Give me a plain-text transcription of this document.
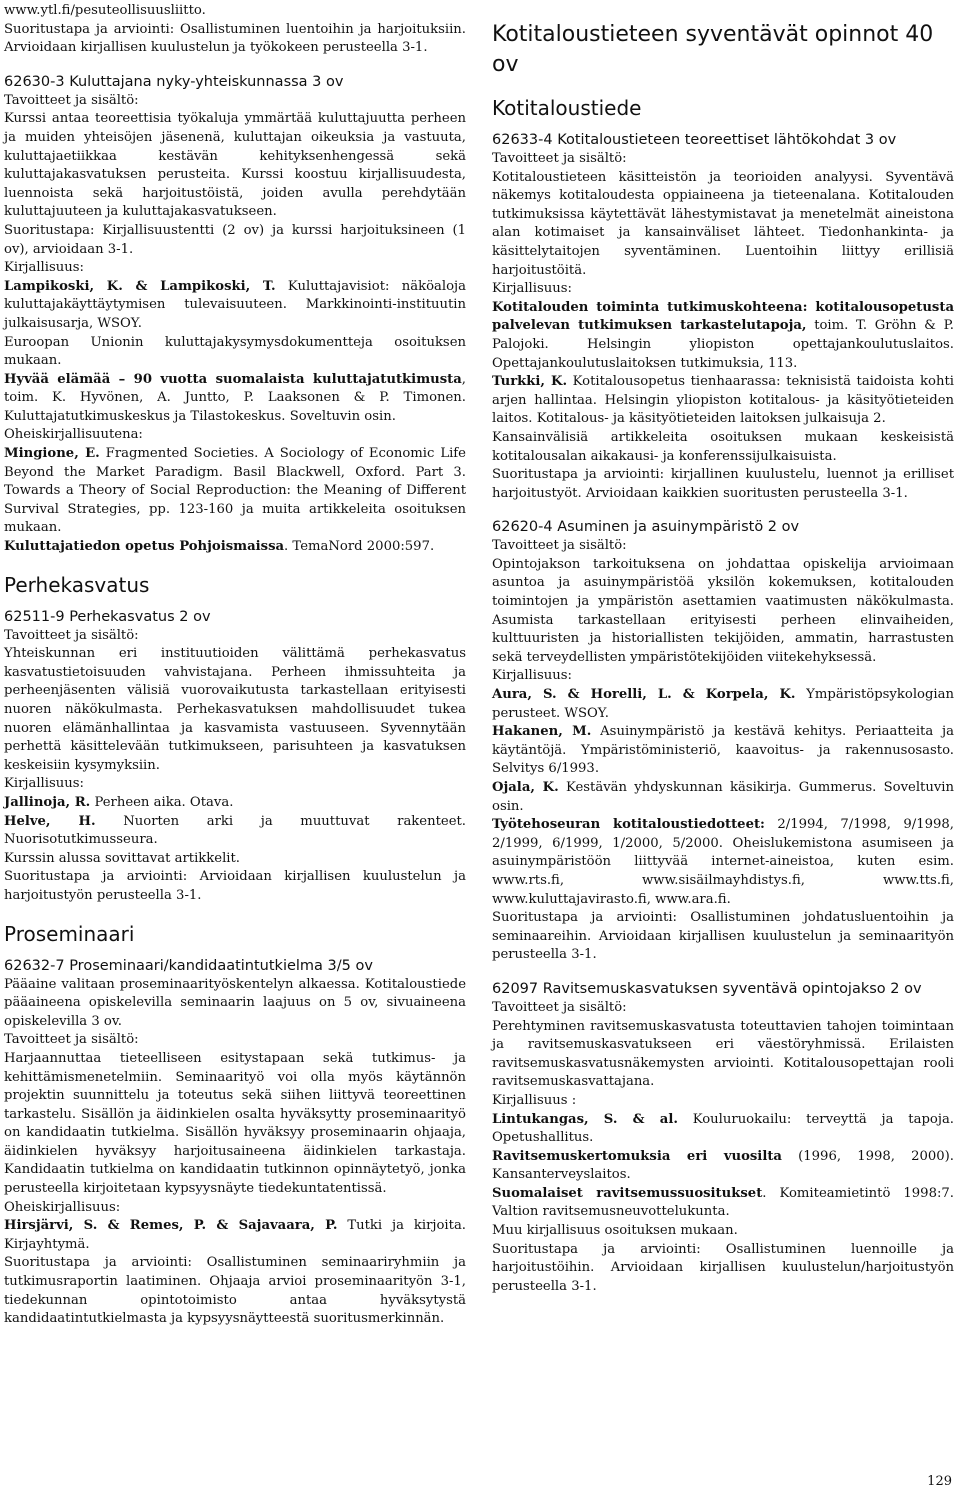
www.ytl.fi/pesuteollisuusliitto.
Suoritustapa ja arviointi: Osallistuminen luentoihin ja harjoituksiin. Arvioidaan kirjallisen kuulustelun ja työkokeen perusteella 3-1.
62630-3 Kuluttajana nyky-yhteiskunnassa 3 ov
Tavoitteet ja sisältö:
Kurssi antaa teoreettisia työkaluja ymmärtää kuluttajuutta perheen ja muiden yhteisöjen jäsenenä, kuluttajan oikeuksia ja vastuuta, kuluttajaetiikkaa kestävän kehityksenhengessä sekä kuluttajakasvatuksen perusteita. Kurssi koostuu kirjallisuudesta, luennoista sekä harjoitustöistä, joiden avulla perehdytään kuluttajuuteen ja kuluttajakasvatukseen.
Suoritustapa: Kirjallisuustentti (2 ov) ja kurssi harjoituksineen (1 ov), arvioidaan 3-1.
Kirjallisuus:
Lampikoski, K. & Lampikoski, T. Kuluttajavisiot: näköaloja kuluttajakäyttäytymisen tulevaisuuteen. Markkinointi-instituutin julkaisusarja, WSOY.
Euroopan Unionin kuluttajakysymysdokumentteja osoituksen mukaan.
Hyvää elämää – 90 vuotta suomalaista kuluttajatutkimusta, toim. K. Hyvönen, A. Juntto, P. Laaksonen & P. Timonen. Kuluttajatutkimuskeskus ja Tilastokeskus. Soveltuvin osin.
Oheiskirjallisuutena:
Mingione, E. Fragmented Societies. A Sociology of Economic Life Beyond the Market Paradigm. Basil Blackwell, Oxford. Part 3. Towards a Theory of Social Reproduction: the Meaning of Different Survival Strategies, pp. 123-160 ja muita artikkeleita osoituksen mukaan.
Kuluttajatiedon opetus Pohjoismaissa. TemaNord 2000:597.
Perhekasvatus
62511-9 Perhekasvatus 2 ov
Tavoitteet ja sisältö:
Yhteiskunnan eri instituutioiden välittämä perhekasvatus kasvatustietoisuuden vahvistajana. Perheen ihmissuhteita ja perheenjäsenten välisiä vuorovaikutusta tarkastellaan erityisesti nuoren näkökulmasta. Perhekasvatuksen mahdollisuudet tukea nuoren elämänhallintaa ja kasvamista vastuuseen. Syvennytään perhettä käsittelevään tutkimukseen, parisuhteen ja kasvatuksen keskeisiin kysymyksiin.
Kirjallisuus:
Jallinoja, R. Perheen aika. Otava.
Helve, H. Nuorten arki ja muuttuvat rakenteet. Nuorisotutkimusseura.
Kurssin alussa sovittavat artikkelit.
Suoritustapa ja arviointi: Arvioidaan kirjallisen kuulustelun ja harjoitustyön perusteella 3-1.
Proseminaari
62632-7 Proseminaari/kandidaatintutkielma 3/5 ov
Pääaine valitaan proseminaarityöskentelyn alkaessa. Kotitaloustiede pääaineena opiskelevilla seminaarin laajuus on 5 ov, sivuaineena opiskelevilla 3 ov.
Tavoitteet ja sisältö:
Harjaannuttaa tieteelliseen esitystapaan sekä tutkimus- ja kehittämismenetelmiin. Seminaarityö voi olla myös käytännön projektin suunnittelu ja toteutus sekä siihen liittyvä teoreettinen tarkastelu. Sisällön ja äidinkielen osalta hyväksytty proseminaarityö on kandidaatin tutkielma. Sisällön hyväksyy proseminaarin ohjaaja, äidinkielen hyväksyy harjoitusaineena äidinkielen tarkastaja. Kandidaatin tutkielma on kandidaatin tutkinnon opinnäytetyö, jonka perusteella kirjoitetaan kypsyysnäyte tiedekuntatentissä.
Oheiskirjallisuus:
Hirsjärvi, S. & Remes, P. & Sajavaara, P. Tutki ja kirjoita. Kirjayhtymä.
Suoritustapa ja arviointi: Osallistuminen seminaariryhmiin ja tutkimusraportin laatiminen. Ohjaaja arvioi proseminaarityön 3-1, tiedekunnan opintotoimisto antaa hyväksytystä kandidaatintutkielmasta ja kypsyysnäytteestä suoritusmerkinnän.
Kotitaloustieteen syventävät opinnot 40 ov
Kotitaloustiede
62633-4 Kotitaloustieteen teoreettiset lähtökohdat 3 ov
Tavoitteet ja sisältö:
Kotitaloustieteen käsitteistön ja teorioiden analyysi. Syventävä näkemys kotitaloudesta oppiaineena ja tieteenalana. Kotitalouden tutkimuksissa käytettävät lähestymistavat ja menetelmät aineistona alan kotimaiset ja kansainväliset lähteet. Tiedonhankinta- ja käsittelytaitojen syventäminen. Luentoihin liittyy erillisiä harjoitustöitä.
Kirjallisuus:
Kotitalouden toiminta tutkimuskohteena: kotitalousopetusta palvelevan tutkimuksen tarkastelutapoja, toim. T. Gröhn & P. Palojoki. Helsingin yliopiston opettajankoulutuslaitos. Opettajankoulutuslaitoksen tutkimuksia, 113.
Turkki, K. Kotitalousopetus tienhaarassa: teknisistä taidoista kohti arjen hallintaa. Helsingin yliopiston kotitalous- ja käsityötieteiden laitos. Kotitalous- ja käsityötieteiden laitoksen julkaisuja 2.
Kansainvälisiä artikkeleita osoituksen mukaan keskeisistä kotitalousalan aikakausi- ja konferenssijulkaisuista.
Suoritustapa ja arviointi: kirjallinen kuulustelu, luennot ja erilliset harjoitustyöt. Arvioidaan kaikkien suoritusten perusteella 3-1.
62620-4 Asuminen ja asuinympäristö 2 ov
Tavoitteet ja sisältö:
Opintojakson tarkoituksena on johdattaa opiskelija arvioimaan asuntoa ja asuinympäristöä yksilön kokemuksen, kotitalouden toimintojen ja ympäristön asettamien vaatimusten näkökulmasta. Asumista tarkastellaan erityisesti perheen elinvaiheiden, kulttuuristen ja historiallisten tekijöiden, ammatin, harrastusten sekä terveydellisten ympäristötekijöiden viitekehyksessä.
Kirjallisuus:
Aura, S. & Horelli, L. & Korpela, K. Ympäristöpsykologian perusteet. WSOY.
Hakanen, M. Asuinympäristö ja kestävä kehitys. Periaatteita ja käytäntöjä. Ympäristöministeriö, kaavoitus- ja rakennusosasto. Selvitys 6/1993.
Ojala, K. Kestävän yhdyskunnan käsikirja. Gummerus. Soveltuvin osin.
Työtehoseuran kotitaloustiedotteet: 2/1994, 7/1998, 9/1998, 2/1999, 6/1999, 1/2000, 5/2000. Oheislukemistona asumiseen ja asuinympäristöön liittyvää internet-aineistoa, kuten esim. www.rts.fi, www.sisäilmayhdistys.fi, www.tts.fi, www.kuluttajavirasto.fi, www.ara.fi.
Suoritustapa ja arviointi: Osallistuminen johdatusluentoihin ja seminaareihin. Arvioidaan kirjallisen kuulustelun ja seminaarityön perusteella 3-1.
62097 Ravitsemuskasvatuksen syventävä opintojakso 2 ov
Tavoitteet ja sisältö:
Perehtyminen ravitsemuskasvatusta toteuttavien tahojen toimintaan ja ravitsemuskasvatukseen eri väestöryhmissä. Erilaisten ravitsemuskasvatusnäkemysten arviointi. Kotitalousopettajan rooli ravitsemuskasvattajana.
Kirjallisuus :
Lintukangas, S. & al. Kouluruokailu: terveyttä ja tapoja. Opetushallitus.
Ravitsemuskertomuksia eri vuosilta (1996, 1998, 2000). Kansanterveyslaitos.
Suomalaiset ravitsemussuositukset. Komiteamietintö 1998:7. Valtion ravitsemusneuvottelukunta.
Muu kirjallisuus osoituksen mukaan.
Suoritustapa ja arviointi: Osallistuminen luennoille ja harjoitustöihin. Arvioidaan kirjallisen kuulustelun/harjoitustyön perusteella 3-1.
129
